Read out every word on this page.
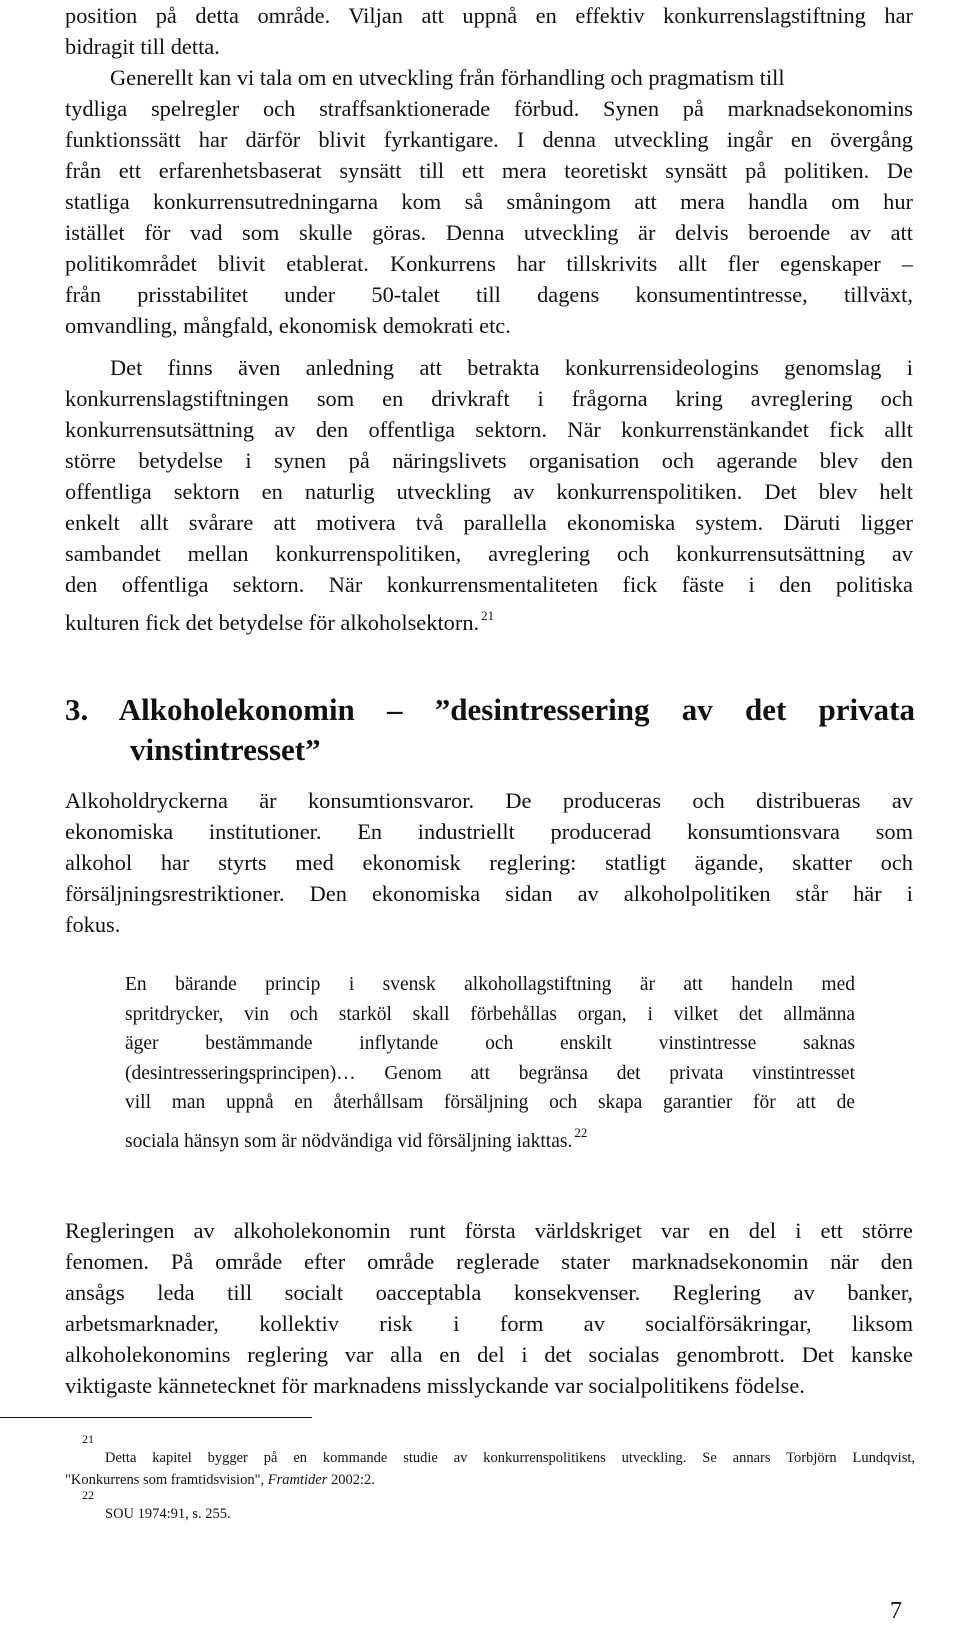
position på detta område. Viljan att uppnå en effektiv konkurrenslagstiftning har
bidragit till detta.
Generellt kan vi tala om en utveckling från förhandling och pragmatism till
tydliga spelregler och straffsanktionerade förbud. Synen på marknadsekonomins
funktionssätt har därför blivit fyrkantigare. I denna utveckling ingår en övergång
från ett erfarenhetsbaserat synsätt till ett mera teoretiskt synsätt på politiken. De
statliga konkurrensutredningarna kom så småningom att mera handla om hur
istället för vad som skulle göras. Denna utveckling är delvis beroende av att
politikområdet blivit etablerat. Konkurrens har tillskrivits allt fler egenskaper –
från prisstabilitet under 50-talet till dagens konsumentintresse, tillväxt,
omvandling, mångfald, ekonomisk demokrati etc.
Det finns även anledning att betrakta konkurrensideologins genomslag i
konkurrenslagstiftningen som en drivkraft i frågorna kring avreglering och
konkurrensutsättning av den offentliga sektorn. När konkurrenstänkandet fick allt
större betydelse i synen på näringslivets organisation och agerande blev den
offentliga sektorn en naturlig utveckling av konkurrenspolitiken. Det blev helt
enkelt allt svårare att motivera två parallella ekonomiska system. Däruti ligger
sambandet mellan konkurrenspolitiken, avreglering och konkurrensutsättning av
den offentliga sektorn. När konkurrensmentaliteten fick fäste i den politiska
kulturen fick det betydelse för alkoholsektorn. $^{21}$
3. Alkoholekonomin – ”desintressering av det privata
vinstintresset”
Alkoholdryckerna är konsumtionsvaror. De produceras och distribueras av
ekonomiska institutioner. En industriellt producerad konsumtionsvara som
alkohol har styrts med ekonomisk reglering: statligt ägande, skatter och
försäljningsrestriktioner. Den ekonomiska sidan av alkoholpolitiken står här i
fokus.
En bärande princip i svensk alkohollagstiftning är att handeln med
spritdrycker, vin och starköl skall förbehållas organ, i vilket det allmänna
äger bestämmande inflytande och enskilt vinstintresse saknas
(desintresseringsprincipen)… Genom att begränsa det privata vinstintresset
vill man uppnå en återhållsam försäljning och skapa garantier för att de
sociala hänsyn som är nödvändiga vid försäljning iakttas. $^{22}$
Regleringen av alkoholekonomin runt första världskriget var en del i ett större
fenomen. På område efter område reglerade stater marknadsekonomin när den
ansågs leda till socialt oacceptabla konsekvenser. Reglering av banker,
arbetsmarknader, kollektiv risk i form av socialförsäkringar, liksom
alkoholekonomins reglering var alla en del i det socialas genombrott. Det kanske
viktigaste kännetecknet för marknadens misslyckande var socialpolitikens födelse.
21
Detta kapitel bygger på en kommande studie av konkurrenspolitikens utveckling. Se annars Torbjörn Lundqvist,
"Konkurrens som framtidsvision", Framtider 2002:2.
22
SOU 1974:91, s. 255.
7
